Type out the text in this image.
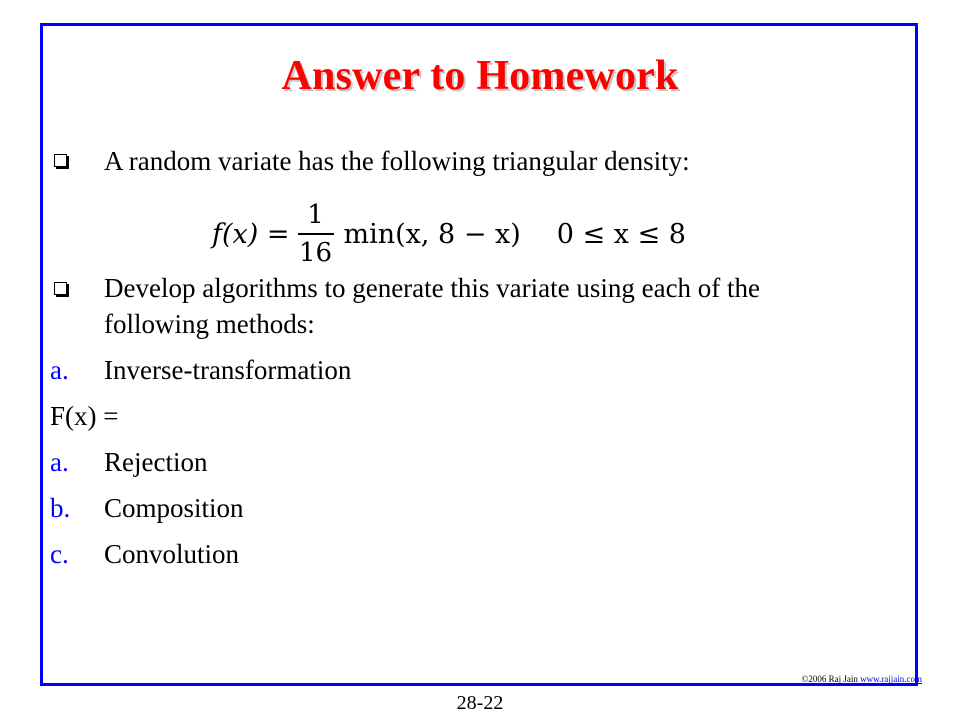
Answer to Homework
A random variate has the following triangular density:
$f(x) = \frac{1}{16} \min(x$, 8 − x) 0 ≤ x ≤ 8
Develop algorithms to generate this variate using each of the
following methods:
a. Inverse-transformation
F(x) =
a. Rejection
b. Composition
c. Convolution
©2006 Raj Jain www.rajjain.com
28-22
